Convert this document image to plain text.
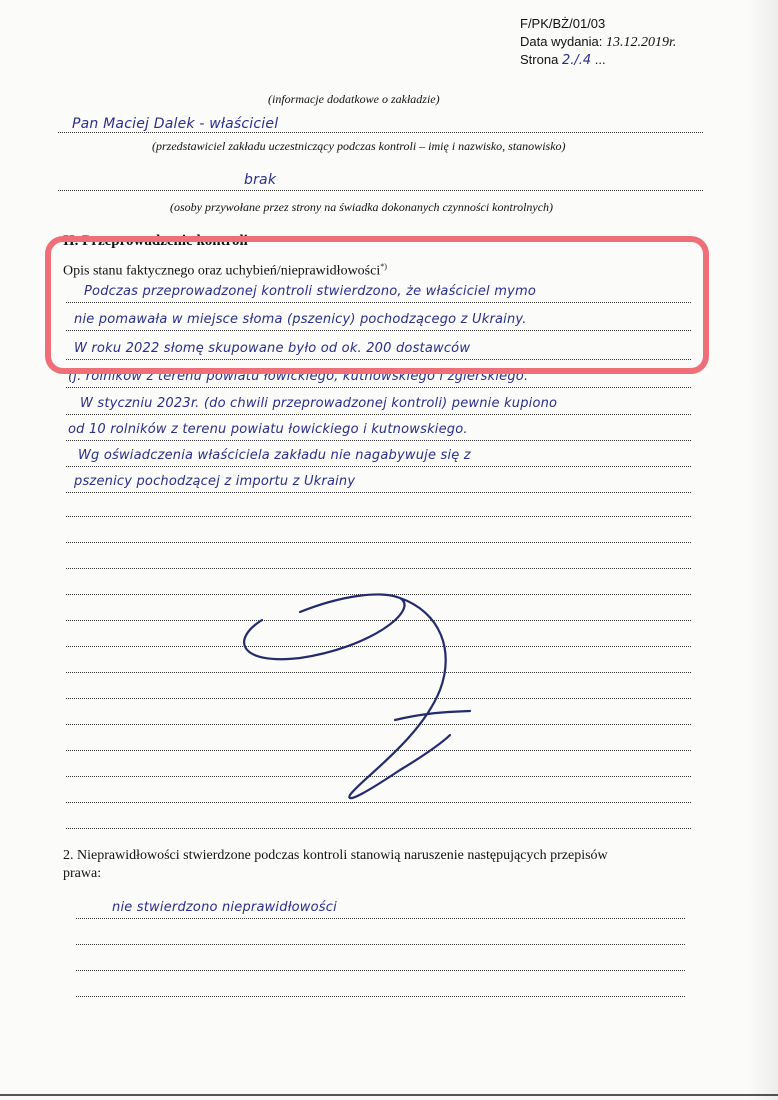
F/PK/BŻ/01/03
Data wydania: 13.12.2019r.
Strona 2./.4 ...
(informacje dodatkowe o zakładzie)
Pan Maciej Dalek - właściciel
(przedstawiciel zakładu uczestniczący podczas kontroli – imię i nazwisko, stanowisko)
brak
(osoby przywołane przez strony na świadka dokonanych czynności kontrolnych)
II. Przeprowadzenie kontroli
Opis stanu faktycznego oraz uchybień/nieprawidłowości*)
Podczas przeprowadzonej kontroli stwierdzono, że właściciel mymo
nie pomawała w miejsce słoma (pszenicy) pochodzącego z Ukrainy.
W roku 2022 słomę skupowane było od ok. 200 dostawców
(j. rolników z terenu powiatu łowickiego, kutnowskiego i zgierskiego.
W styczniu 2023r. (do chwili przeprowadzonej kontroli) pewnie kupiono
od 10 rolników z terenu powiatu łowickiego i kutnowskiego.
Wg oświadczenia właściciela zakładu nie nagabywuje się z
pszenicy pochodzącej z importu z Ukrainy
2. Nieprawidłowości stwierdzone podczas kontroli stanowią naruszenie następujących przepisów
prawa:
nie stwierdzono nieprawidłowości
